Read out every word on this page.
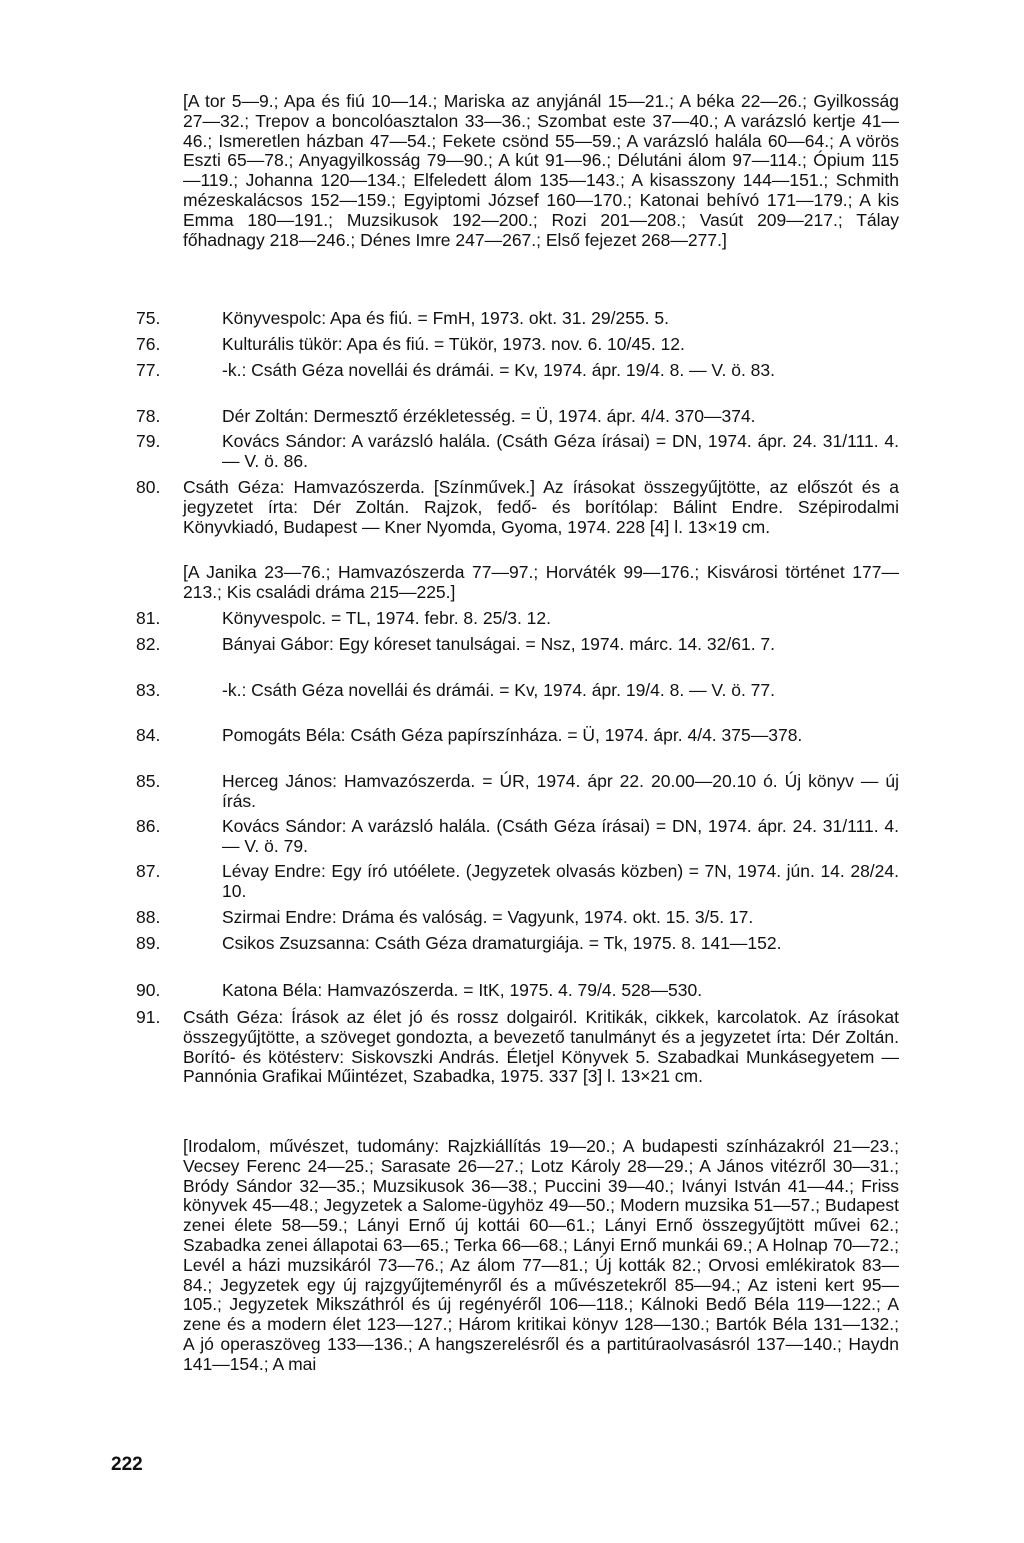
[A tor 5—9.; Apa és fiú 10—14.; Mariska az anyjánál 15—21.; A béka 22—26.; Gyilkosság 27—32.; Trepov a boncolóasztalon 33—36.; Szombat este 37—40.; A varázsló kertje 41—46.; Ismeretlen házban 47—54.; Fekete csönd 55—59.; A varázsló halála 60—64.; A vörös Eszti 65—78.; Anyagyilkosság 79—90.; A kút 91—96.; Délutáni álom 97—114.; Ópium 115—119.; Johanna 120—134.; Elfeledett álom 135—143.; A kisasszony 144—151.; Schmith mézeskalácsos 152—159.; Egyiptomi József 160—170.; Katonai behívó 171—179.; A kis Emma 180—191.; Muzsikusok 192—200.; Rozi 201—208.; Vasút 209—217.; Tálay főhadnagy 218—246.; Dénes Imre 247—267.; Első fejezet 268—277.]
75.	Könyvespolc: Apa és fiú. = FmH, 1973. okt. 31. 29/255. 5.
76.	Kulturális tükör: Apa és fiú. = Tükör, 1973. nov. 6. 10/45. 12.
77.	-k.: Csáth Géza novellái és drámái. = Kv, 1974. ápr. 19/4. 8. — V. ö. 83.
78.	Dér Zoltán: Dermesztő érzékletesség. = Ü, 1974. ápr. 4/4. 370—374.
79.	Kovács Sándor: A varázsló halála. (Csáth Géza írásai) = DN, 1974. ápr. 24. 31/111. 4. — V. ö. 86.
80.	Csáth Géza: Hamvazószerda. [Színművek.] Az írásokat összegyűjtötte, az előszót és a jegyzetet írta: Dér Zoltán. Rajzok, fedő- és borítólap: Bálint Endre. Szépirodalmi Könyvkiadó, Budapest — Kner Nyomda, Gyoma, 1974. 228 [4] l. 13×19 cm.
[A Janika 23—76.; Hamvazószerda 77—97.; Horváték 99—176.; Kisvárosi történet 177—213.; Kis családi dráma 215—225.]
81.	Könyvespolc. = TL, 1974. febr. 8. 25/3. 12.
82.	Bányai Gábor: Egy kóreset tanulságai. = Nsz, 1974. márc. 14. 32/61. 7.
83.	-k.: Csáth Géza novellái és drámái. = Kv, 1974. ápr. 19/4. 8. — V. ö. 77.
84.	Pomogáts Béla: Csáth Géza papírszínháza. = Ü, 1974. ápr. 4/4. 375—378.
85.	Herceg János: Hamvazószerda. = ÚR, 1974. ápr 22. 20.00—20.10 ó. Új könyv — új írás.
86.	Kovács Sándor: A varázsló halála. (Csáth Géza írásai) = DN, 1974. ápr. 24. 31/111. 4. — V. ö. 79.
87.	Lévay Endre: Egy író utóélete. (Jegyzetek olvasás közben) = 7N, 1974. jún. 14. 28/24. 10.
88.	Szirmai Endre: Dráma és valóság. = Vagyunk, 1974. okt. 15. 3/5. 17.
89.	Csikos Zsuzsanna: Csáth Géza dramaturgiája. = Tk, 1975. 8. 141—152.
90.	Katona Béla: Hamvazószerda. = ItK, 1975. 4. 79/4. 528—530.
91.	Csáth Géza: Írások az élet jó és rossz dolgairól. Kritikák, cikkek, karcolatok. Az írásokat összegyűjtötte, a szöveget gondozta, a bevezető tanulmányt és a jegyzetet írta: Dér Zoltán. Borító- és kötésterv: Siskovszki András. Életjel Könyvek 5. Szabadkai Munkásegyetem — Pannónia Grafikai Műintézet, Szabadka, 1975. 337 [3] l. 13×21 cm.
[Irodalom, művészet, tudomány: Rajzkiállítás 19—20.; A budapesti színházakról 21—23.; Vecsey Ferenc 24—25.; Sarasate 26—27.; Lotz Károly 28—29.; A János vitézről 30—31.; Bródy Sándor 32—35.; Muzsikusok 36—38.; Puccini 39—40.; Iványi István 41—44.; Friss könyvek 45—48.; Jegyzetek a Salome-ügyhöz 49—50.; Modern muzsika 51—57.; Budapest zenei élete 58—59.; Lányi Ernő új kottái 60—61.; Lányi Ernő összegyűjtött művei 62.; Szabadka zenei állapotai 63—65.; Terka 66—68.; Lányi Ernő munkái 69.; A Holnap 70—72.; Levél a házi muzsikáról 73—76.; Az álom 77—81.; Új kották 82.; Orvosi emlékiratok 83—84.; Jegyzetek egy új rajzgyűjteményről és a művészetekről 85—94.; Az isteni kert 95—105.; Jegyzetek Mikszáthról és új regényéről 106—118.; Kálnoki Bedő Béla 119—122.; A zene és a modern élet 123—127.; Három kritikai könyv 128—130.; Bartók Béla 131—132.; A jó operaszöveg 133—136.; A hangszerelésről és a partitúraolvasásról 137—140.; Haydn 141—154.; A mai
222
